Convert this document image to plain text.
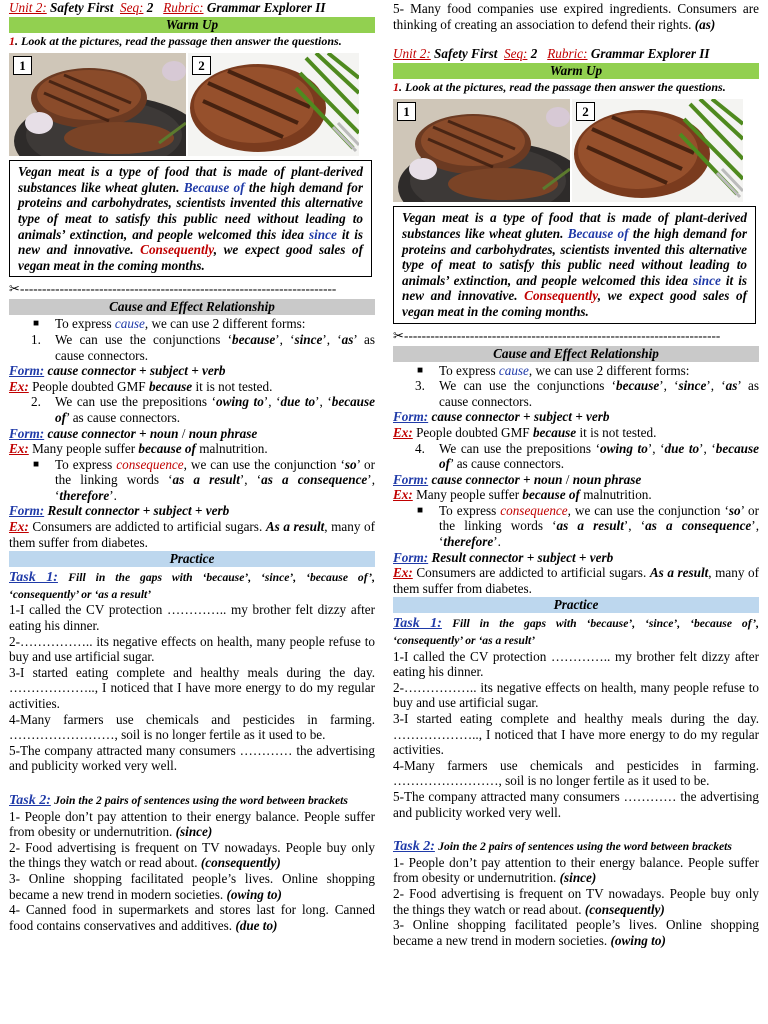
Unit 2: Safety First Seq: 2 Rubric: Grammar Explorer II
Warm Up
1. Look at the pictures, read the passage then answer the questions.
1	2
Vegan meat is a type of food that is made of plant-derived substances like wheat gluten. Because of the high demand for proteins and carbohydrates, scientists invented this alternative type of meat to satisfy this public need without leading to animals’ extinction, and people welcomed this idea since it is new and innovative. Consequently, we expect good sales of vegan meat in the coming months.
✂------------------------------------------------------------------------
Cause and Effect Relationship
■ To express cause, we can use 2 different forms:
1. We can use the conjunctions ‘because’, ‘since’, ‘as’ as cause connectors.
Form: cause connector + subject + verb
Ex: People doubted GMF because it is not tested.
2. We can use the prepositions ‘owing to’, ‘due to’, ‘because of’ as cause connectors.
Form: cause connector + noun / noun phrase
Ex: Many people suffer because of malnutrition.
■ To express consequence, we can use the conjunction ‘so’ or the linking words ‘as a result’, ‘as a consequence’, ‘therefore’.
Form: Result connector + subject + verb
Ex: Consumers are addicted to artificial sugars. As a result, many of them suffer from diabetes.
Practice
Task 1: Fill in the gaps with ‘because’, ‘since’, ‘because of’, ‘consequently’ or ‘as a result’
1-I called the CV protection ………….. my brother felt dizzy after eating his dinner.
2-…………….. its negative effects on health, many people refuse to buy and use artificial sugar.
3-I started eating complete and healthy meals during the day. ……………….., I noticed that I have more energy to do my regular activities.
4-Many farmers use chemicals and pesticides in farming. ……………………, soil is no longer fertile as it used to be.
5-The company attracted many consumers ………… the advertising and publicity worked very well.
Task 2: Join the 2 pairs of sentences using the word between brackets
1- People don’t pay attention to their energy balance. People suffer from obesity or undernutrition. (since)
2- Food advertising is frequent on TV nowadays. People buy only the things they watch or read about. (consequently)
3- Online shopping facilitated people’s lives. Online shopping became a new trend in modern societies. (owing to)
4- Canned food in supermarkets and stores last for long. Canned food contains conservatives and additives. (due to)

5- Many food companies use expired ingredients. Consumers are thinking of creating an association to defend their rights. (as)

Unit 2: Safety First Seq: 2 Rubric: Grammar Explorer II
Warm Up
1. Look at the pictures, read the passage then answer the questions.
1	2
Vegan meat is a type of food that is made of plant-derived substances like wheat gluten. Because of the high demand for proteins and carbohydrates, scientists invented this alternative type of meat to satisfy this public need without leading to animals’ extinction, and people welcomed this idea since it is new and innovative. Consequently, we expect good sales of vegan meat in the coming months.
✂------------------------------------------------------------------------
Cause and Effect Relationship
■ To express cause, we can use 2 different forms:
3. We can use the conjunctions ‘because’, ‘since’, ‘as’ as cause connectors.
Form: cause connector + subject + verb
Ex: People doubted GMF because it is not tested.
4. We can use the prepositions ‘owing to’, ‘due to’, ‘because of’ as cause connectors.
Form: cause connector + noun / noun phrase
Ex: Many people suffer because of malnutrition.
■ To express consequence, we can use the conjunction ‘so’ or the linking words ‘as a result’, ‘as a consequence’, ‘therefore’.
Form: Result connector + subject + verb
Ex: Consumers are addicted to artificial sugars. As a result, many of them suffer from diabetes.
Practice
Task 1: Fill in the gaps with ‘because’, ‘since’, ‘because of’, ‘consequently’ or ‘as a result’
1-I called the CV protection ………….. my brother felt dizzy after eating his dinner.
2-…………….. its negative effects on health, many people refuse to buy and use artificial sugar.
3-I started eating complete and healthy meals during the day. ……………….., I noticed that I have more energy to do my regular activities.
4-Many farmers use chemicals and pesticides in farming. ……………………, soil is no longer fertile as it used to be.
5-The company attracted many consumers ………… the advertising and publicity worked very well.
Task 2: Join the 2 pairs of sentences using the word between brackets
1- People don’t pay attention to their energy balance. People suffer from obesity or undernutrition. (since)
2- Food advertising is frequent on TV nowadays. People buy only the things they watch or read about. (consequently)
3- Online shopping facilitated people’s lives. Online shopping became a new trend in modern societies. (owing to)
